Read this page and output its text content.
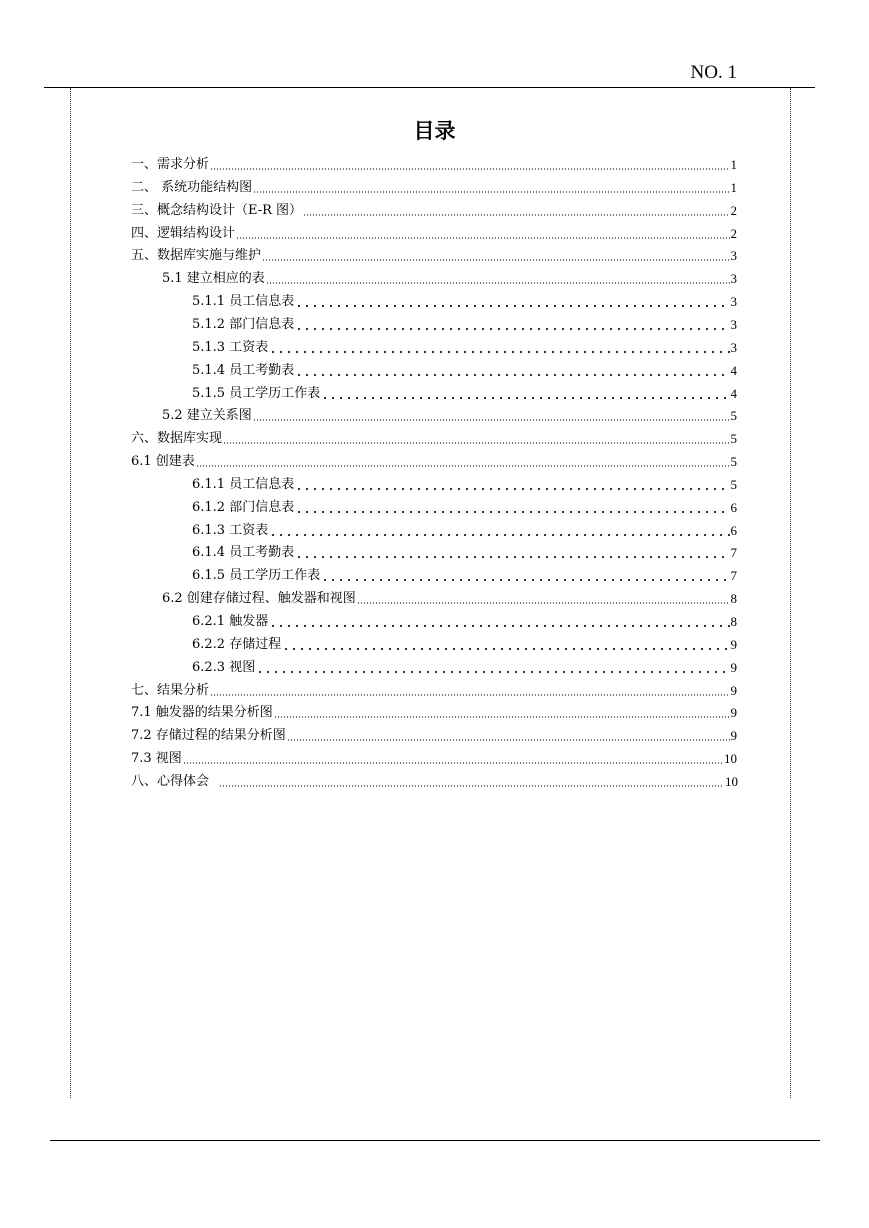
NO. 1
目录
一、需求分析	1
二、 系统功能结构图	1
三、概念结构设计（E-R 图）	2
四、逻辑结构设计	2
五、数据库实施与维护	3
5.1 建立相应的表	3
5.1.1 员工信息表	3
5.1.2 部门信息表	3
5.1.3 工资表	3
5.1.4 员工考勤表	4
5.1.5 员工学历工作表	4
5.2 建立关系图	5
六、数据库实现	5
6.1 创建表	5
6.1.1 员工信息表	5
6.1.2 部门信息表	6
6.1.3 工资表	6
6.1.4 员工考勤表	7
6.1.5 员工学历工作表	7
6.2 创建存储过程、触发器和视图	8
6.2.1 触发器	8
6.2.2 存储过程	9
6.2.3 视图	9
七、结果分析	9
7.1 触发器的结果分析图	9
7.2 存储过程的结果分析图	9
7.3 视图	10
八、心得体会	10
